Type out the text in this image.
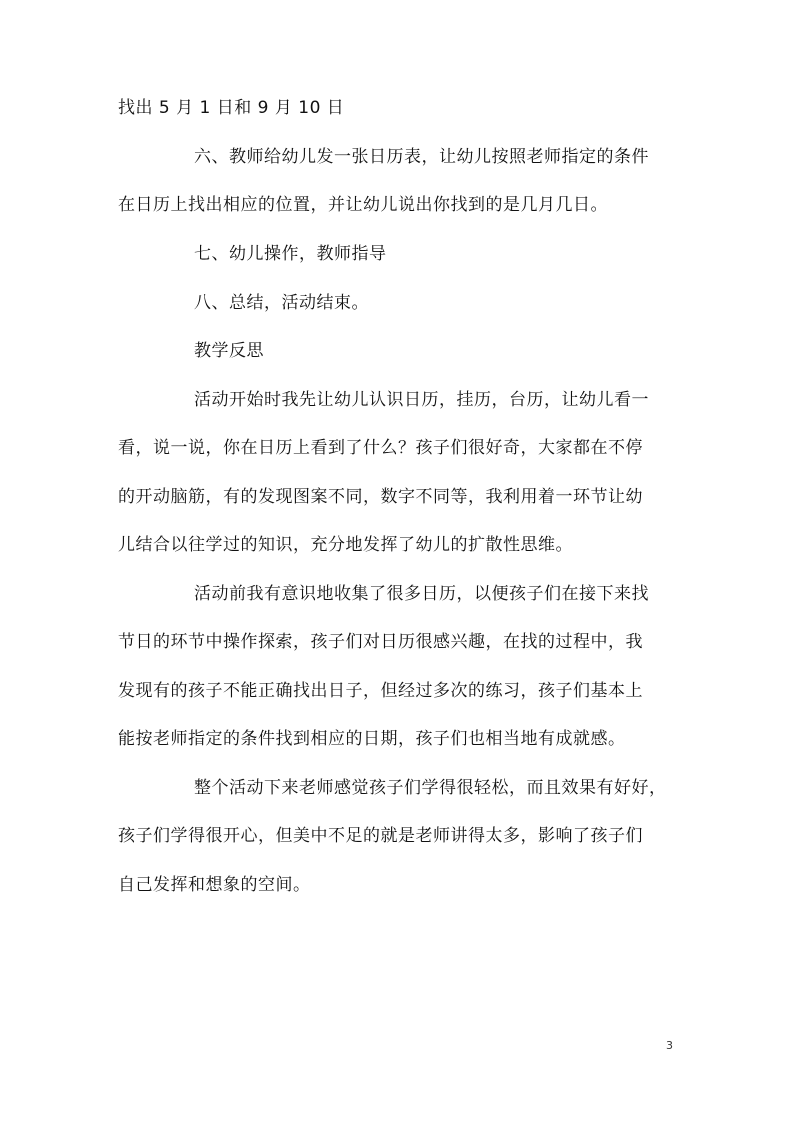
找出 5 月 1 日和 9 月 10 日
六、教师给幼儿发一张日历表，让幼儿按照老师指定的条件
在日历上找出相应的位置，并让幼儿说出你找到的是几月几日。
七、幼儿操作，教师指导
八、总结，活动结束。
教学反思
活动开始时我先让幼儿认识日历，挂历，台历，让幼儿看一
看，说一说，你在日历上看到了什么？孩子们很好奇，大家都在不停
的开动脑筋，有的发现图案不同，数字不同等，我利用着一环节让幼
儿结合以往学过的知识，充分地发挥了幼儿的扩散性思维。
活动前我有意识地收集了很多日历，以便孩子们在接下来找
节日的环节中操作探索，孩子们对日历很感兴趣，在找的过程中，我
发现有的孩子不能正确找出日子，但经过多次的练习，孩子们基本上
能按老师指定的条件找到相应的日期，孩子们也相当地有成就感。
整个活动下来老师感觉孩子们学得很轻松，而且效果有好好，
孩子们学得很开心，但美中不足的就是老师讲得太多，影响了孩子们
自己发挥和想象的空间。
3
